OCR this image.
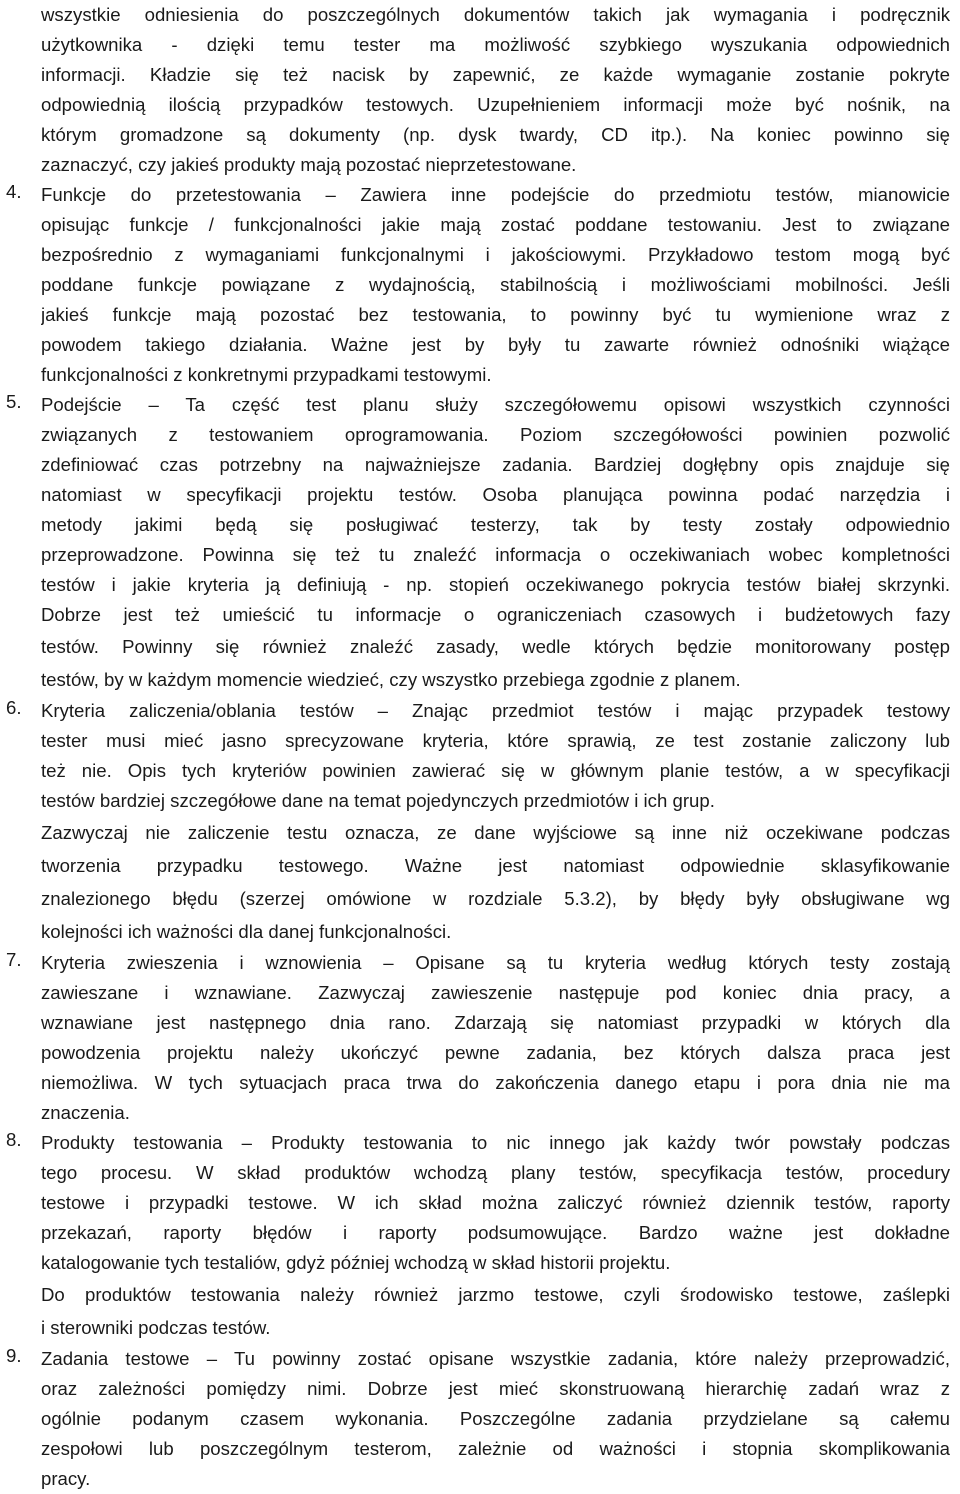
wszystkie odniesienia do poszczególnych dokumentów takich jak wymagania i podręcznik
użytkownika - dzięki temu tester ma możliwość szybkiego wyszukania odpowiednich
informacji. Kładzie się też nacisk by zapewnić, ze każde wymaganie zostanie pokryte
odpowiednią ilością przypadków testowych. Uzupełnieniem informacji może być nośnik, na
którym gromadzone są dokumenty (np. dysk twardy, CD itp.). Na koniec powinno się
zaznaczyć, czy jakieś produkty mają pozostać nieprzetestowane.
4.	Funkcje do przetestowania – Zawiera inne podejście do przedmiotu testów, mianowicie
opisując funkcje / funkcjonalności jakie mają zostać poddane testowaniu. Jest to związane
bezpośrednio z wymaganiami funkcjonalnymi i jakościowymi. Przykładowo testom mogą być
poddane funkcje powiązane z wydajnością, stabilnością i możliwościami mobilności. Jeśli
jakieś funkcje mają pozostać bez testowania, to powinny być tu wymienione wraz z
powodem takiego działania. Ważne jest by były tu zawarte również odnośniki wiążące
funkcjonalności z konkretnymi przypadkami testowymi.
5.	Podejście – Ta część test planu służy szczegółowemu opisowi wszystkich czynności
związanych z testowaniem oprogramowania. Poziom szczegółowości powinien pozwolić
zdefiniować czas potrzebny na najważniejsze zadania. Bardziej dogłębny opis znajduje się
natomiast w specyfikacji projektu testów. Osoba planująca powinna podać narzędzia i
metody jakimi będą się posługiwać testerzy, tak by testy zostały odpowiednio
przeprowadzone. Powinna się też tu znaleźć informacja o oczekiwaniach wobec kompletności
testów i jakie kryteria ją definiują - np. stopień oczekiwanego pokrycia testów białej skrzynki.
Dobrze jest też umieścić tu informacje o ograniczeniach czasowych i budżetowych fazy
testów. Powinny się również znaleźć zasady, wedle których będzie monitorowany postęp
testów, by w każdym momencie wiedzieć, czy wszystko przebiega zgodnie z planem.
6.	Kryteria zaliczenia/oblania testów – Znając przedmiot testów i mając przypadek testowy
tester musi mieć jasno sprecyzowane kryteria, które sprawią, ze test zostanie zaliczony lub
też nie. Opis tych kryteriów powinien zawierać się w głównym planie testów, a w specyfikacji
testów bardziej szczegółowe dane na temat pojedynczych przedmiotów i ich grup.
Zazwyczaj nie zaliczenie testu oznacza, ze dane wyjściowe są inne niż oczekiwane podczas
tworzenia przypadku testowego. Ważne jest natomiast odpowiednie sklasyfikowanie
znalezionego błędu (szerzej omówione w rozdziale 5.3.2), by błędy były obsługiwane wg
kolejności ich ważności dla danej funkcjonalności.
7.	Kryteria zwieszenia i wznowienia – Opisane są tu kryteria według których testy zostają
zawieszane i wznawiane. Zazwyczaj zawieszenie następuje pod koniec dnia pracy, a
wznawiane jest następnego dnia rano. Zdarzają się natomiast przypadki w których dla
powodzenia projektu należy ukończyć pewne zadania, bez których dalsza praca jest
niemożliwa. W tych sytuacjach praca trwa do zakończenia danego etapu i pora dnia nie ma
znaczenia.
8.	Produkty testowania – Produkty testowania to nic innego jak każdy twór powstały podczas
tego procesu. W skład produktów wchodzą plany testów, specyfikacja testów, procedury
testowe i przypadki testowe. W ich skład można zaliczyć również dziennik testów, raporty
przekazań, raporty błędów i raporty podsumowujące. Bardzo ważne jest dokładne
katalogowanie tych testaliów, gdyż później wchodzą w skład historii projektu.
Do produktów testowania należy również jarzmo testowe, czyli środowisko testowe, zaślepki
i sterowniki podczas testów.
9.	Zadania testowe – Tu powinny zostać opisane wszystkie zadania, które należy przeprowadzić,
oraz zależności pomiędzy nimi. Dobrze jest mieć skonstruowaną hierarchię zadań wraz z
ogólnie podanym czasem wykonania. Poszczególne zadania przydzielane są całemu
zespołowi lub poszczególnym testerom, zależnie od ważności i stopnia skomplikowania
pracy.
